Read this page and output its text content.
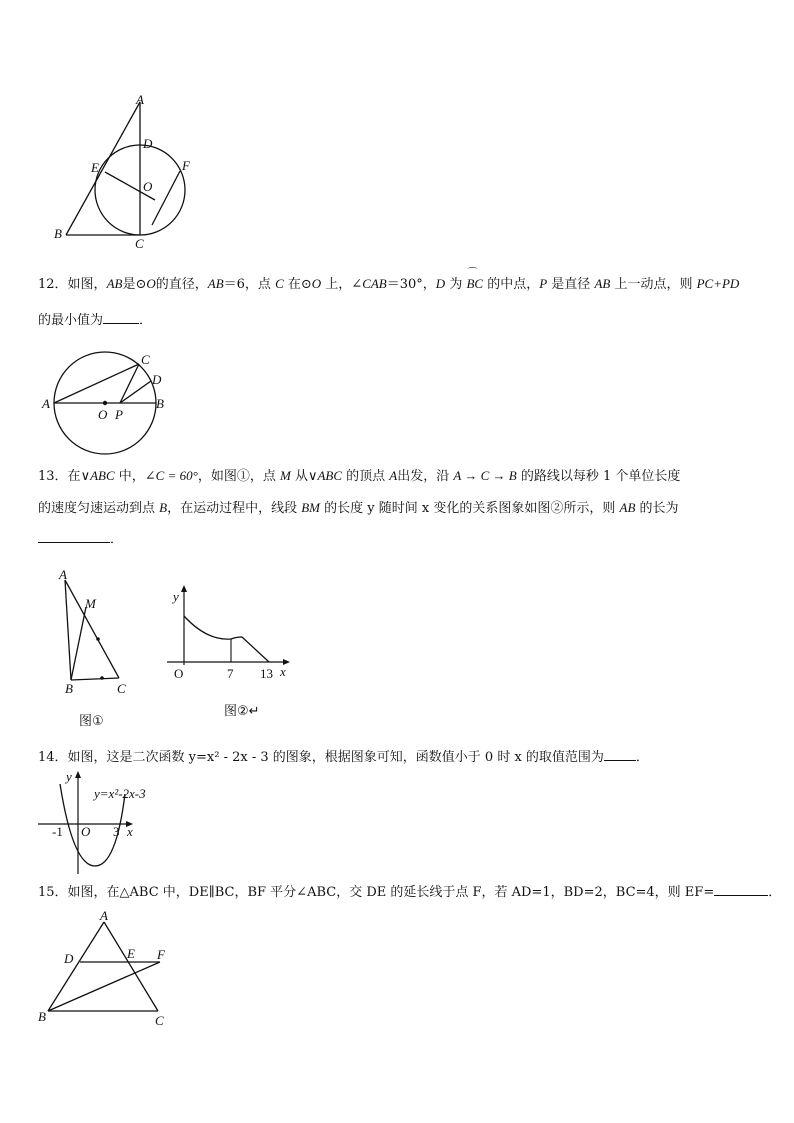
A
D
F
E
O
B
C
12．如图，AB是⊙O的直径，AB＝6，点 C 在⊙O 上，∠CAB＝30°，D 为 ⌒ BC 的中点，P 是直径 AB 上一动点，则 PC+PD
的最小值为	．
A
C
D
B
O P
13．在∨ABC 中，∠C = 60°，如图①，点 M 从∨ABC 的顶点 A出发，沿 A → C → B 的路线以每秒 1 个单位长度
的速度匀速运动到点 B，在运动过程中，线段 BM 的长度 y 随时间 x 变化的关系图象如图②所示，则 AB 的长为
．
A
M
B	C
图①
y
x
O	7 13
图②↵
14．如图，这是二次函数 y=x² - 2x - 3 的图象，根据图象可知，函数值小于 0 时 x 的取值范围为 ．
y
y=x²-2x-3
-1 O 3 x
15．如图，在△ABC 中，DE∥BC，BF 平分∠ABC，交 DE 的延长线于点 F，若 AD=1，BD=2，BC=4，则 EF=	．
A
D	E F
B	C
